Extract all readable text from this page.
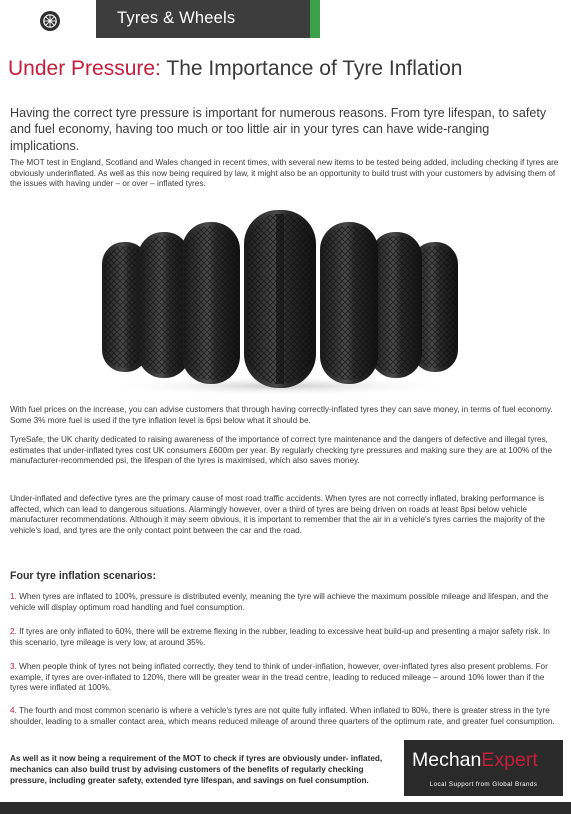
Tyres & Wheels
Under Pressure: The Importance of Tyre Inflation
Having the correct tyre pressure is important for numerous reasons. From tyre lifespan, to safety and fuel economy, having too much or too little air in your tyres can have wide-ranging implications.
The MOT test in England, Scotland and Wales changed in recent times, with several new items to be tested being added, including checking if tyres are obviously underinflated. As well as this now being required by law, it might also be an opportunity to build trust with your customers by advising them of the issues with having under – or over – inflated tyres.
With fuel prices on the increase, you can advise customers that through having correctly-inflated tyres they can save money, in terms of fuel economy. Some 3% more fuel is used if the tyre inflation level is 6psi below what it should be.
TyreSafe, the UK charity dedicated to raising awareness of the importance of correct tyre maintenance and the dangers of defective and illegal tyres, estimates that under-inflated tyres cost UK consumers £600m per year. By regularly checking tyre pressures and making sure they are at 100% of the manufacturer-recommended psi, the lifespan of the tyres is maximised, which also saves money.
Under-inflated and defective tyres are the primary cause of most road traffic accidents. When tyres are not correctly inflated, braking performance is affected, which can lead to dangerous situations. Alarmingly however, over a third of tyres are being driven on roads at least 8psi below vehicle manufacturer recommendations. Although it may seem obvious, it is important to remember that the air in a vehicle's tyres carries the majority of the vehicle's load, and tyres are the only contact point between the car and the road.
Four tyre inflation scenarios:
1. When tyres are inflated to 100%, pressure is distributed evenly, meaning the tyre will achieve the maximum possible mileage and lifespan, and the vehicle will display optimum road handling and fuel consumption.
2. If tyres are only inflated to 60%, there will be extreme flexing in the rubber, leading to excessive heat build-up and presenting a major safety risk. In this scenario, tyre mileage is very low, at around 35%.
3. When people think of tyres not being inflated correctly, they tend to think of under-inflation, however, over-inflated tyres also present problems. For example, if tyres are over-inflated to 120%, there will be greater wear in the tread centre, leading to reduced mileage – around 10% lower than if the tyres were inflated at 100%.
4. The fourth and most common scenario is where a vehicle's tyres are not quite fully inflated. When inflated to 80%, there is greater stress in the tyre shoulder, leading to a smaller contact area, which means reduced mileage of around three quarters of the optimum rate, and greater fuel consumption.
As well as it now being a requirement of the MOT to check if tyres are obviously under- inflated, mechanics can also build trust by advising customers of the benefits of regularly checking pressure, including greater safety, extended tyre lifespan, and savings on fuel consumption.
MechanExpert
Local Support from Global Brands
